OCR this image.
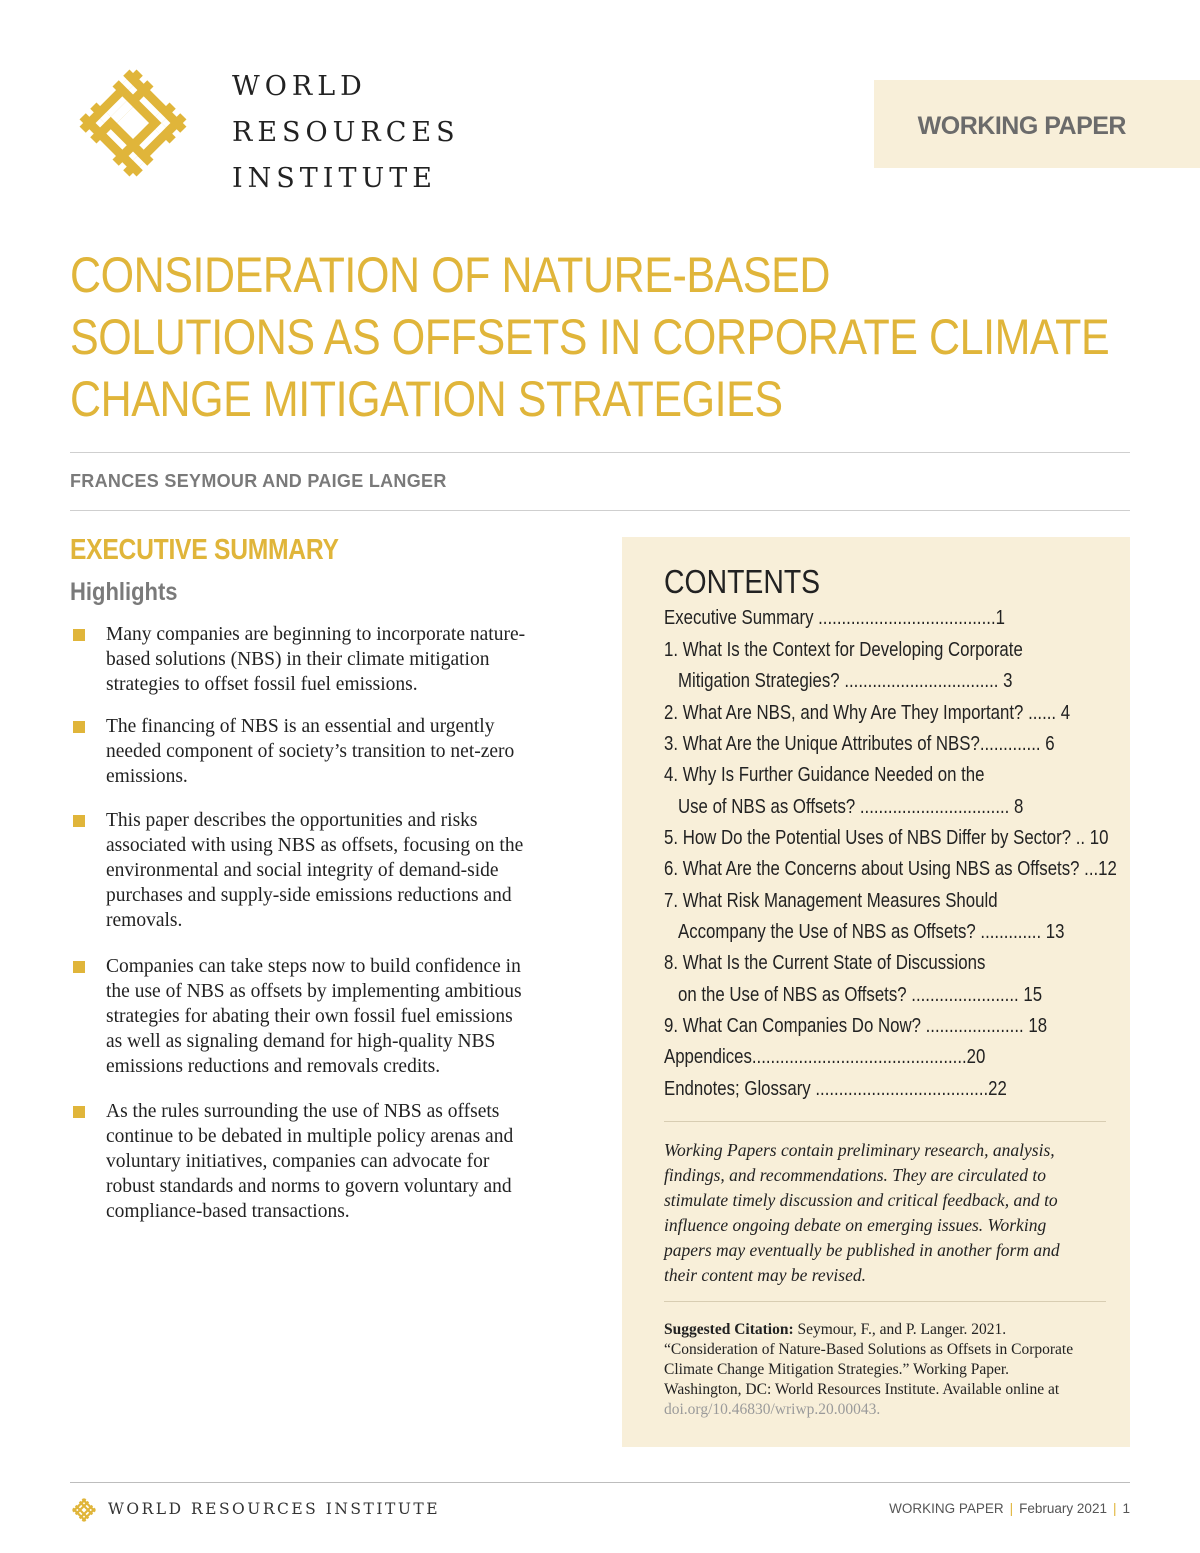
WORLD
RESOURCES
INSTITUTE
WORKING PAPER
CONSIDERATION OF NATURE-BASED
SOLUTIONS AS OFFSETS IN CORPORATE CLIMATE
CHANGE MITIGATION STRATEGIES
FRANCES SEYMOUR AND PAIGE LANGER
EXECUTIVE SUMMARY
Highlights
Many companies are beginning to incorporate nature-
based solutions (NBS) in their climate mitigation
strategies to offset fossil fuel emissions.
The financing of NBS is an essential and urgently
needed component of society’s transition to net-zero
emissions.
This paper describes the opportunities and risks
associated with using NBS as offsets, focusing on the
environmental and social integrity of demand-side
purchases and supply-side emissions reductions and
removals.
Companies can take steps now to build confidence in
the use of NBS as offsets by implementing ambitious
strategies for abating their own fossil fuel emissions
as well as signaling demand for high-quality NBS
emissions reductions and removals credits.
As the rules surrounding the use of NBS as offsets
continue to be debated in multiple policy arenas and
voluntary initiatives, companies can advocate for
robust standards and norms to govern voluntary and
compliance-based transactions.
CONTENTS
Executive Summary ......................................1
1. What Is the Context for Developing Corporate
Mitigation Strategies? ................................. 3
2. What Are NBS, and Why Are They Important? ...... 4
3. What Are the Unique Attributes of NBS?............. 6
4. Why Is Further Guidance Needed on the
Use of NBS as Offsets? ................................ 8
5. How Do the Potential Uses of NBS Differ by Sector? .. 10
6. What Are the Concerns about Using NBS as Offsets? ...12
7. What Risk Management Measures Should
Accompany the Use of NBS as Offsets? ............. 13
8. What Is the Current State of Discussions
on the Use of NBS as Offsets? ....................... 15
9. What Can Companies Do Now? ..................... 18
Appendices..............................................20
Endnotes; Glossary .....................................22
Working Papers contain preliminary research, analysis,
findings, and recommendations. They are circulated to
stimulate timely discussion and critical feedback, and to
influence ongoing debate on emerging issues. Working
papers may eventually be published in another form and
their content may be revised.
Suggested Citation: Seymour, F., and P. Langer. 2021.
“Consideration of Nature-Based Solutions as Offsets in Corporate
Climate Change Mitigation Strategies.” Working Paper.
Washington, DC: World Resources Institute. Available online at
doi.org/10.46830/wriwp.20.00043.
WORLD RESOURCES INSTITUTE	WORKING PAPER | February 2021 | 1
